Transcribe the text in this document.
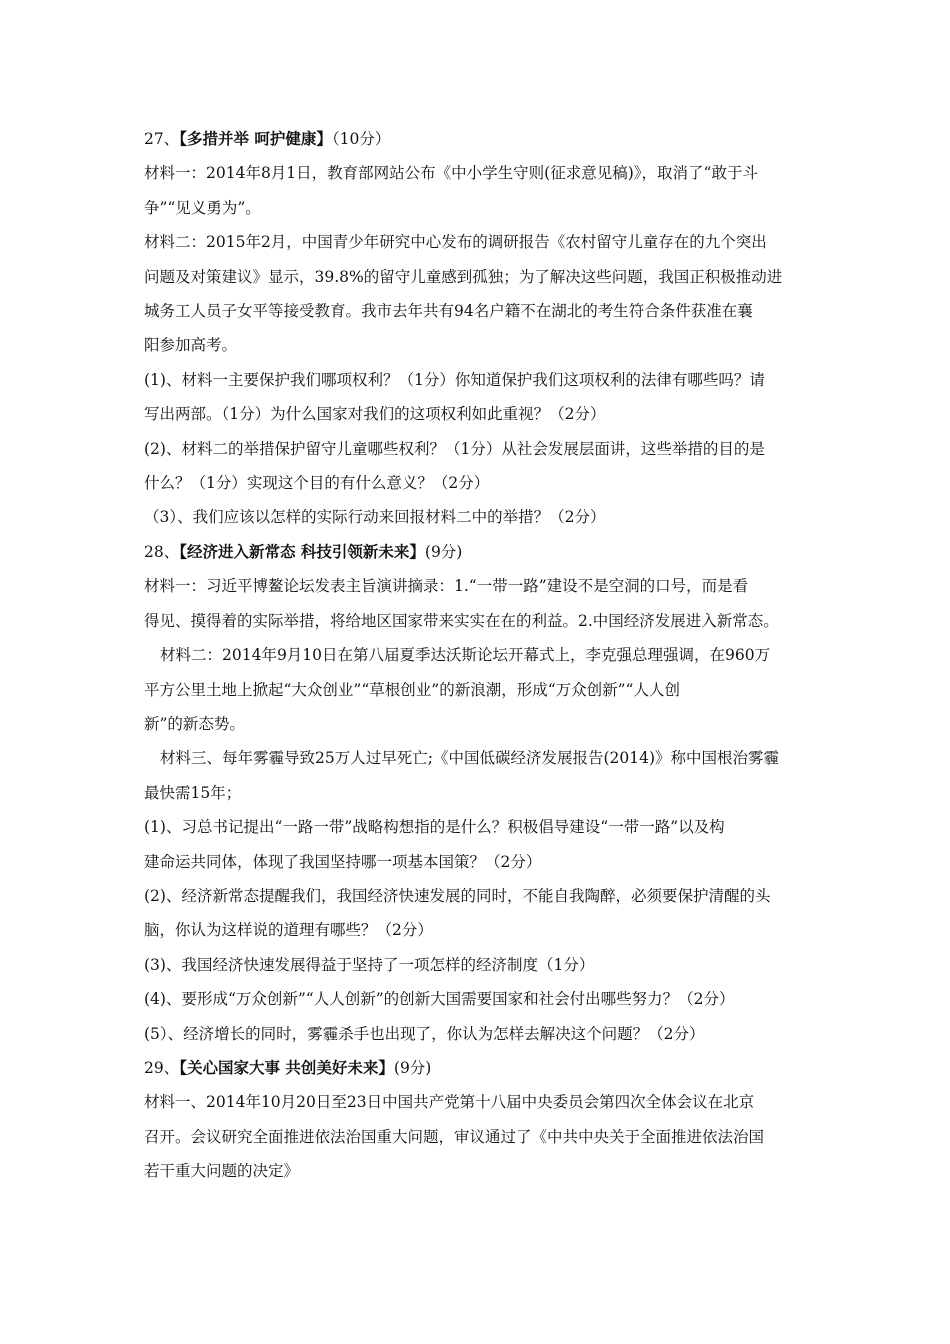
27、【多措并举 呵护健康】（10分）
材料一：2014年8月1日，教育部网站公布《中小学生守则(征求意见稿)》，取消了“敢于斗
争”“见义勇为”。
材料二：2015年2月，中国青少年研究中心发布的调研报告《农村留守儿童存在的九个突出
问题及对策建议》显示，39.8%的留守儿童感到孤独；为了解决这些问题，我国正积极推动进
城务工人员子女平等接受教育。我市去年共有94名户籍不在湖北的考生符合条件获准在襄
阳参加高考。
(1)、材料一主要保护我们哪项权利？（1分）你知道保护我们这项权利的法律有哪些吗？请
写出两部。（1分）为什么国家对我们的这项权利如此重视？（2分）
(2)、材料二的举措保护留守儿童哪些权利？（1分）从社会发展层面讲，这些举措的目的是
什么？（1分）实现这个目的有什么意义？（2分）
（3）、我们应该以怎样的实际行动来回报材料二中的举措？（2分）
28、【经济进入新常态 科技引领新未来】(9分)
材料一：习近平博鳌论坛发表主旨演讲摘录：1.“一带一路”建设不是空洞的口号，而是看
得见、摸得着的实际举措，将给地区国家带来实实在在的利益。2.中国经济发展进入新常态。
材料二：2014年9月10日在第八届夏季达沃斯论坛开幕式上，李克强总理强调，在960万
平方公里土地上掀起“大众创业”“草根创业”的新浪潮，形成“万众创新”“人人创
新”的新态势。
材料三、每年雾霾导致25万人过早死亡;《中国低碳经济发展报告(2014)》称中国根治雾霾
最快需15年；
(1)、习总书记提出“一路一带”战略构想指的是什么？积极倡导建设“一带一路”以及构
建命运共同体，体现了我国坚持哪一项基本国策？（2分）
(2)、经济新常态提醒我们，我国经济快速发展的同时，不能自我陶醉，必须要保护清醒的头
脑，你认为这样说的道理有哪些？（2分）
(3)、我国经济快速发展得益于坚持了一项怎样的经济制度（1分）
(4)、要形成“万众创新”“人人创新”的创新大国需要国家和社会付出哪些努力？（2分）
(5）、经济增长的同时，雾霾杀手也出现了，你认为怎样去解决这个问题？（2分）
29、【关心国家大事 共创美好未来】(9分)
材料一、2014年10月20日至23日中国共产党第十八届中央委员会第四次全体会议在北京
召开。会议研究全面推进依法治国重大问题，审议通过了《中共中央关于全面推进依法治国
若干重大问题的决定》
